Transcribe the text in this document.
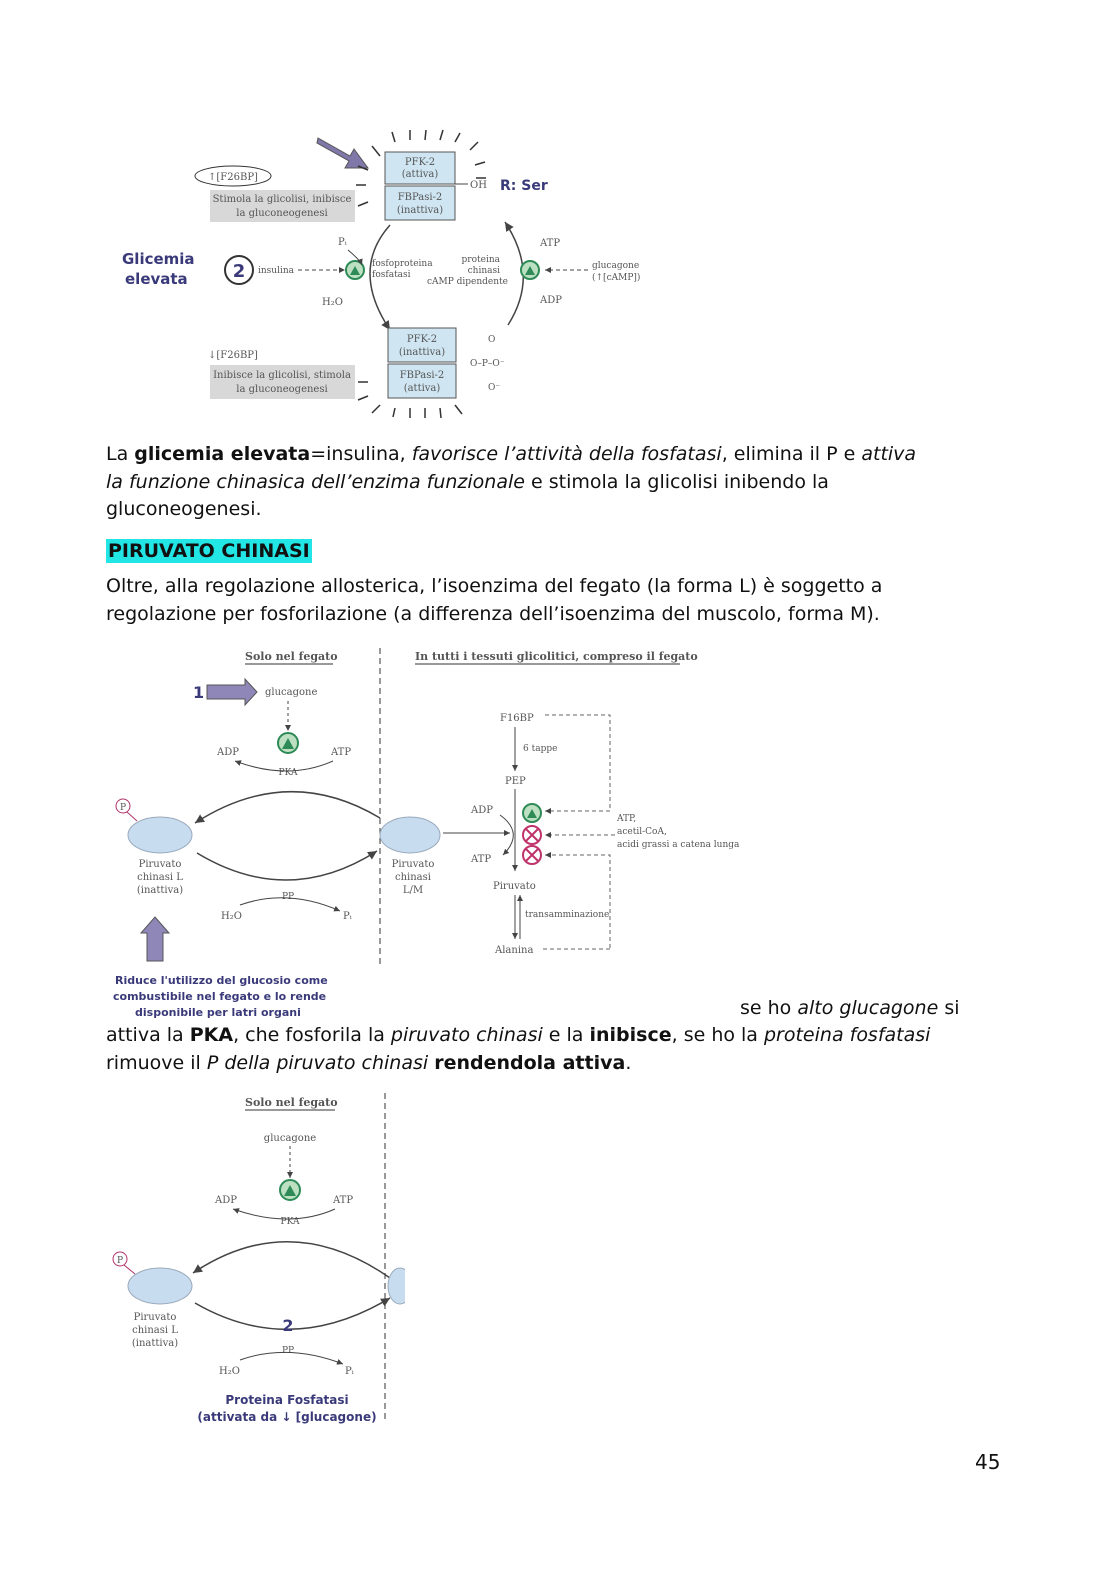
PFK-2
(attiva)
FBPasi-2
(inattiva)
OH R: Ser
↑[F26BP]
Stimola la glicolisi, inibisce
la gluconeogenesi
Glicemia
elevata	2 insulina
fosfoproteina
fosfatasi
Pᵢ
H₂O
proteina
chinasi
cAMP dipendente
ATP
ADP
glucagone
(↑[cAMP])
PFK-2
(inattiva)
FBPasi-2
(attiva)
O
O–P–O⁻
O⁻
↓[F26BP]
Inibisce la glicolisi, stimola
la gluconeogenesi
La glicemia elevata=insulina, favorisce l’attività della fosfatasi, elimina il P e attiva
la funzione chinasica dell’enzima funzionale e stimola la glicolisi inibendo la
gluconeogenesi.
PIRUVATO CHINASI
Oltre, alla regolazione allosterica, l’isoenzima del fegato (la forma L) è soggetto a
regolazione per fosforilazione (a differenza dell’isoenzima del muscolo, forma M).
Solo nel fegato	In tutti i tessuti glicolitici, compreso il fegato
1	glucagone
ADP	ATP
PKA
P
Piruvato
chinasi L
(inattiva)
Piruvato
chinasi
L/M
PP
H₂O	Pᵢ
Riduce l'utilizzo del glucosio come
combustibile nel fegato e lo rende
disponibile per latri organi
F16BP
6 tappe
PEP
ADP
ATP
ATP,
acetil-CoA,
acidi grassi a catena lunga
Piruvato
transamminazione
Alanina
se ho alto glucagone si
attiva la PKA, che fosforila la piruvato chinasi e la inibisce, se ho la proteina fosfatasi
rimuove il P della piruvato chinasi rendendola attiva.
Solo nel fegato
glucagone
ADP	ATP
PKA
P
Piruvato
chinasi L
(inattiva)
2
PP
H₂O	Pᵢ
Proteina Fosfatasi
(attivata da ↓ [glucagone)
45
